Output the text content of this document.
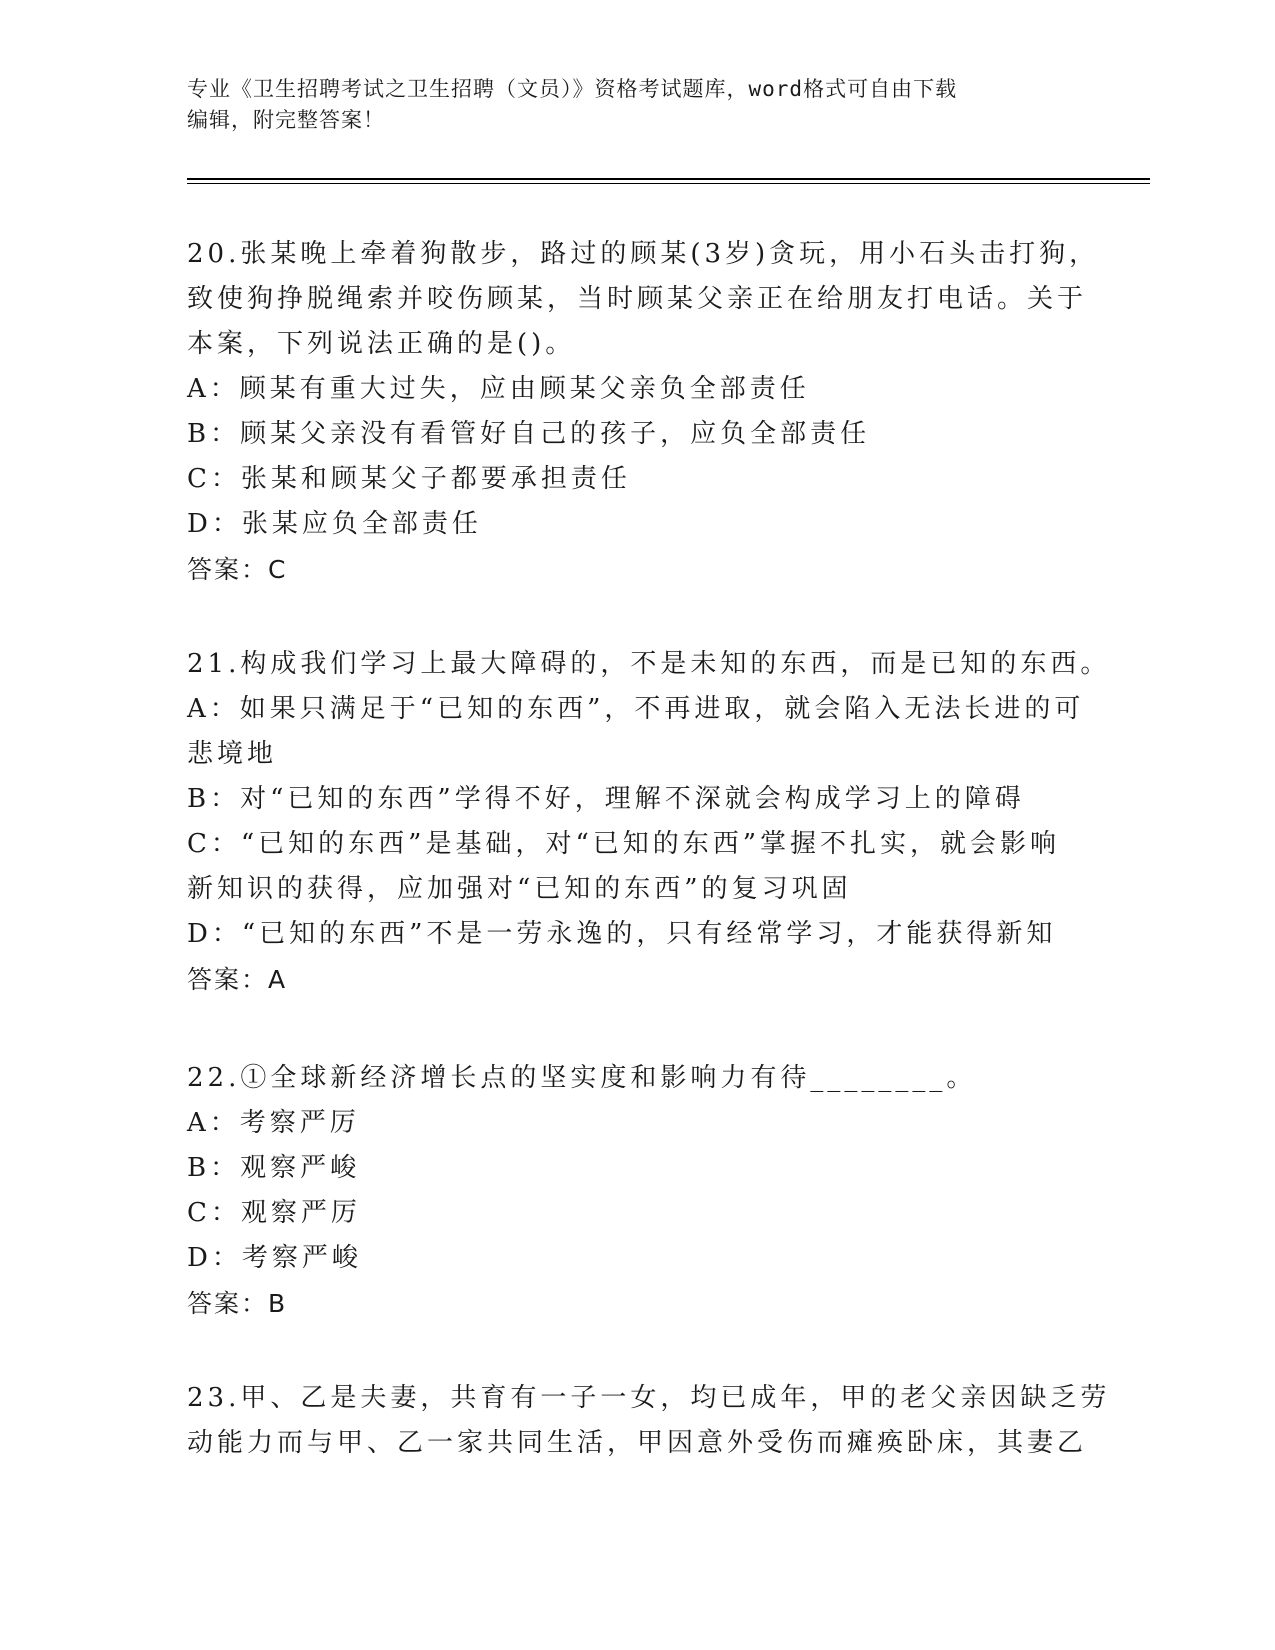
专业《卫生招聘考试之卫生招聘（文员）》资格考试题库，word格式可自由下载
编辑，附完整答案！
20.张某晚上牵着狗散步，路过的顾某(3岁)贪玩，用小石头击打狗，
致使狗挣脱绳索并咬伤顾某，当时顾某父亲正在给朋友打电话。关于
本案，下列说法正确的是()。
A：顾某有重大过失，应由顾某父亲负全部责任
B：顾某父亲没有看管好自己的孩子，应负全部责任
C：张某和顾某父子都要承担责任
D：张某应负全部责任
答案：C
21.构成我们学习上最大障碍的，不是未知的东西，而是已知的东西。
A：如果只满足于“已知的东西”，不再进取，就会陷入无法长进的可
悲境地
B：对“已知的东西”学得不好，理解不深就会构成学习上的障碍
C：“已知的东西”是基础，对“已知的东西”掌握不扎实，就会影响
新知识的获得，应加强对“已知的东西”的复习巩固
D：“已知的东西”不是一劳永逸的，只有经常学习，才能获得新知
答案：A
22.①全球新经济增长点的坚实度和影响力有待________。
A：考察严厉
B：观察严峻
C：观察严厉
D：考察严峻
答案：B
23.甲、乙是夫妻，共育有一子一女，均已成年，甲的老父亲因缺乏劳
动能力而与甲、乙一家共同生活，甲因意外受伤而瘫痪卧床，其妻乙
